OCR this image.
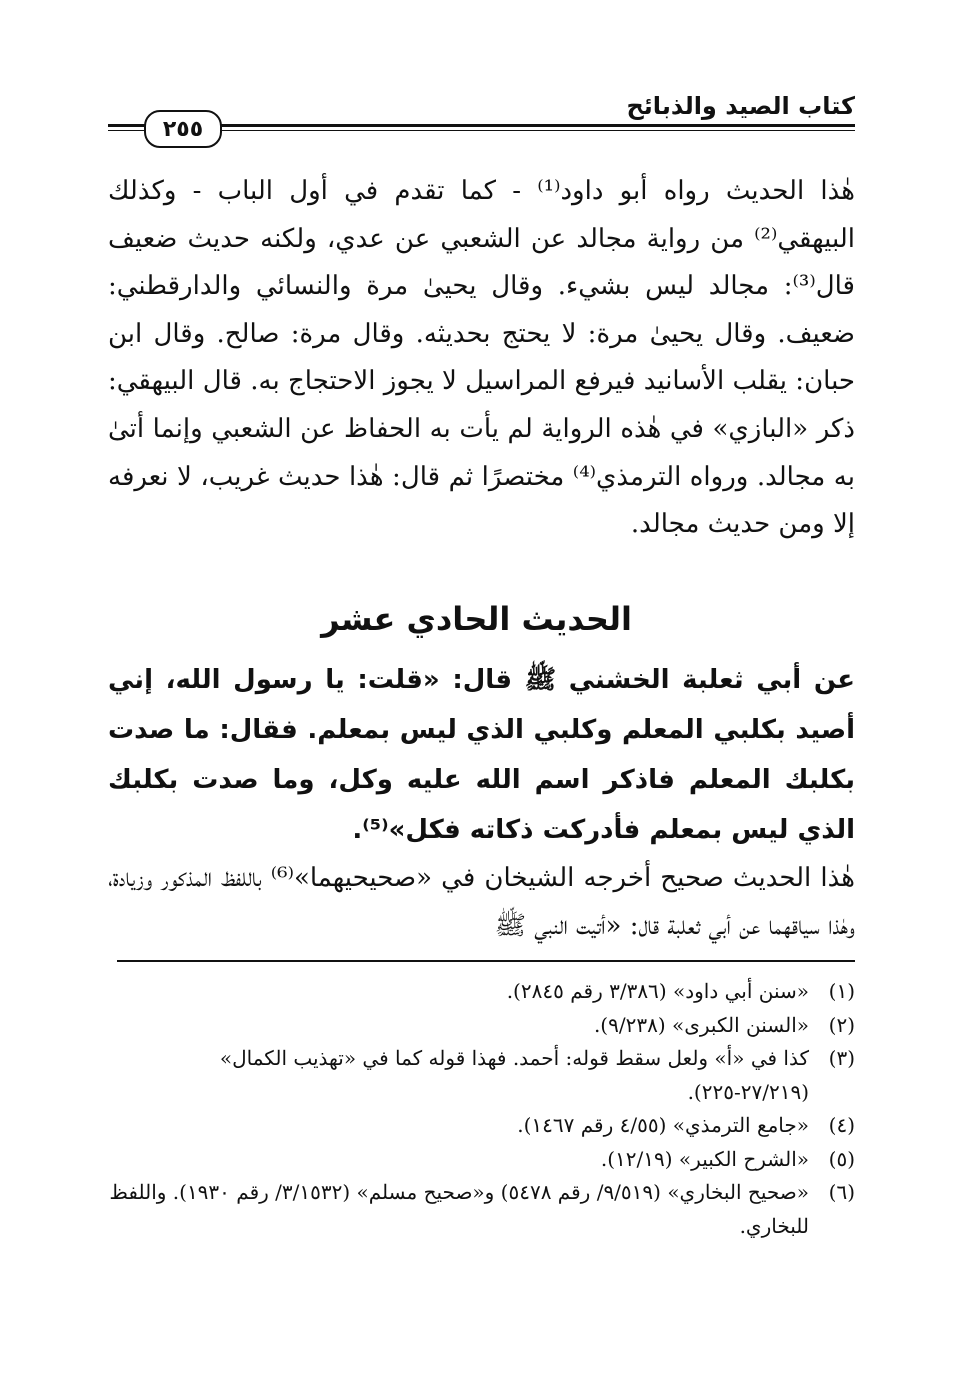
كتاب الصيد والذبائح
٢٥٥

هٰذا الحديث رواه أبو داود⁽¹⁾ - كما تقدم في أول الباب - وكذلك البيهقي⁽²⁾ من رواية مجالد عن الشعبي عن عدي، ولكنه حديث ضعيف قال⁽³⁾: مجالد ليس بشيء. وقال يحيىٰ مرة والنسائي والدارقطني: ضعيف. وقال يحيىٰ مرة: لا يحتج بحديثه. وقال مرة: صالح. وقال ابن حبان: يقلب الأسانيد فيرفع المراسيل لا يجوز الاحتجاج به. قال البيهقي: ذكر «البازي» في هٰذه الرواية لم يأت به الحفاظ عن الشعبي وإنما أتىٰ به مجالد. ورواه الترمذي⁽⁴⁾ مختصرًا ثم قال: هٰذا حديث غريب، لا نعرفه إلا ومن حديث مجالد.

الحديث الحادي عشر

عن أبي ثعلبة الخشني ﷺ قال: «قلت: يا رسول الله، إني أصيد بكلبي المعلم وكلبي الذي ليس بمعلم. فقال: ما صدت بكلبك المعلم فاذكر اسم الله عليه وكل، وما صدت بكلبك الذي ليس بمعلم فأدركت ذكاته فكل»⁽⁵⁾.

هٰذا الحديث صحيح أخرجه الشيخان في «صحيحيهما»⁽⁶⁾ باللفظ المذكور وزيادة، وهٰذا سياقهما عن أبي ثعلبة قال: «أتيت النبي ﷺ

(١)
«سنن أبي داود» (٣/٣٨٦ رقم ٢٨٤٥).

(٢)
«السنن الكبرى» (٩/٢٣٨).

(٣)
كذا في «أ» ولعل سقط قوله: أحمد. فهذا قوله كما في «تهذيب الكمال» (٢٧/٢١٩-٢٢٥).

(٤)
«جامع الترمذي» (٤/٥٥ رقم ١٤٦٧).

(٥)
«الشرح الكبير» (١٢/١٩).

(٦)
«صحيح البخاري» (٩/٥١٩/ رقم ٥٤٧٨) و«صحيح مسلم» (٣/١٥٣٢/ رقم ١٩٣٠). واللفظ للبخاري.
